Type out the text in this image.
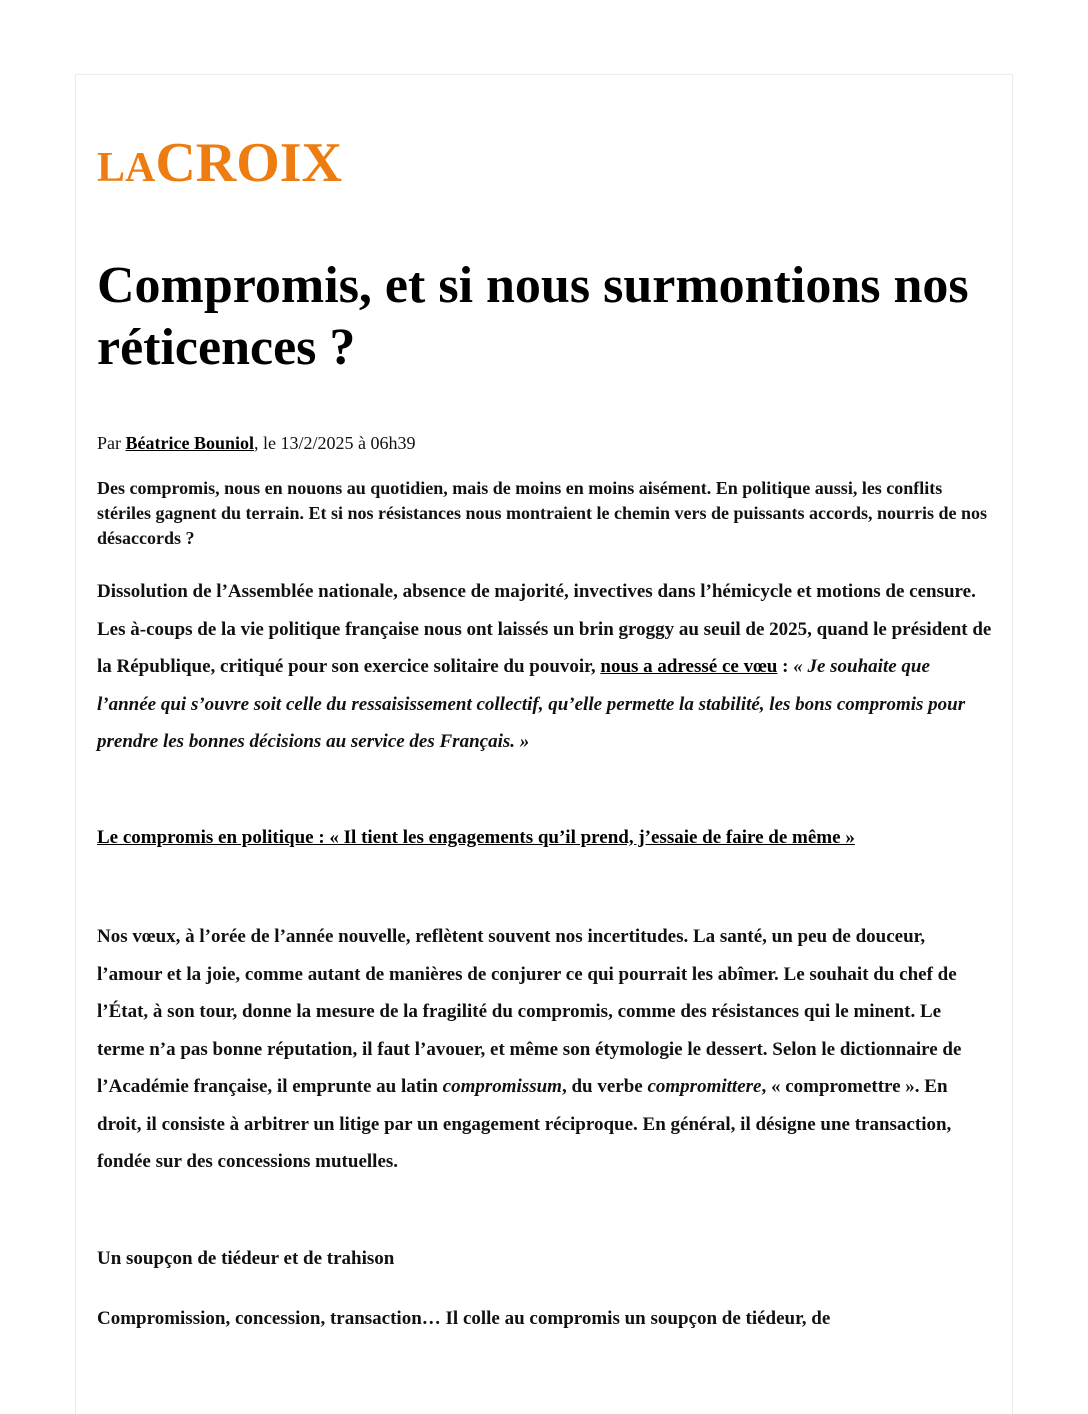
LACROIX
Compromis, et si nous surmontions nos réticences ?
Par Béatrice Bouniol, le 13/2/2025 à 06h39

Des compromis, nous en nouons au quotidien, mais de moins en moins aisément. En politique aussi, les conflits stériles gagnent du terrain. Et si nos résistances nous montraient le chemin vers de puissants accords, nourris de nos désaccords ?

Dissolution de l’Assemblée nationale, absence de majorité, invectives dans l’hémicycle et motions de censure. Les à-coups de la vie politique française nous ont laissés un brin groggy au seuil de 2025, quand le président de la République, critiqué pour son exercice solitaire du pouvoir, nous a adressé ce vœu : « Je souhaite que l’année qui s’ouvre soit celle du ressaisissement collectif, qu’elle permette la stabilité, les bons compromis pour prendre les bonnes décisions au service des Français. »

Le compromis en politique : « Il tient les engagements qu’il prend, j’essaie de faire de même »

Nos vœux, à l’orée de l’année nouvelle, reflètent souvent nos incertitudes. La santé, un peu de douceur, l’amour et la joie, comme autant de manières de conjurer ce qui pourrait les abîmer. Le souhait du chef de l’État, à son tour, donne la mesure de la fragilité du compromis, comme des résistances qui le minent. Le terme n’a pas bonne réputation, il faut l’avouer, et même son étymologie le dessert. Selon le dictionnaire de l’Académie française, il emprunte au latin compromissum, du verbe compromittere, « compromettre ». En droit, il consiste à arbitrer un litige par un engagement réciproque. En général, il désigne une transaction, fondée sur des concessions mutuelles.

Un soupçon de tiédeur et de trahison

Compromission, concession, transaction… Il colle au compromis un soupçon de tiédeur, de
